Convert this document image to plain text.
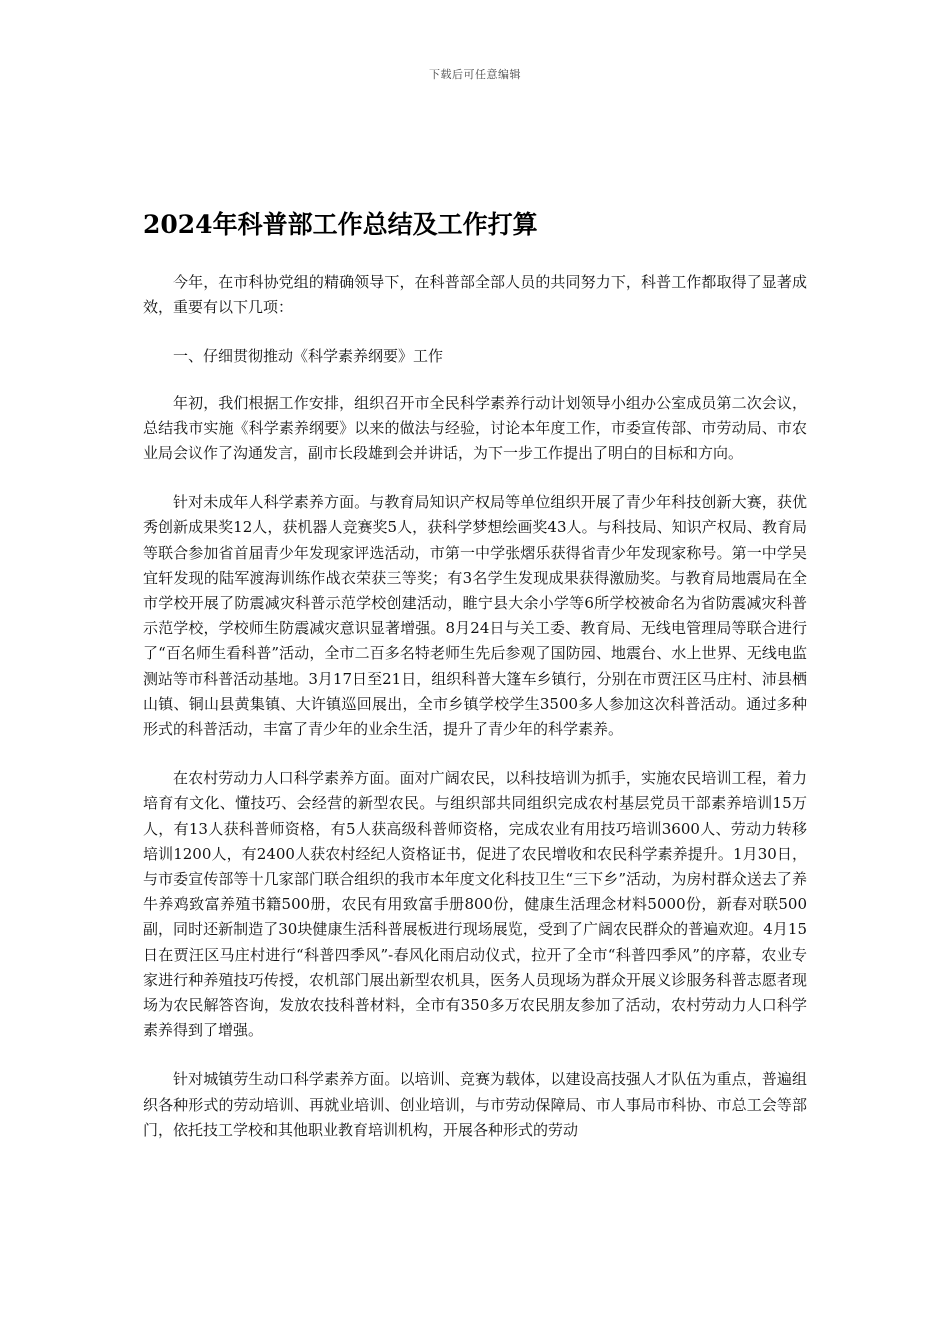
下载后可任意编辑
2024年科普部工作总结及工作打算

今年，在市科协党组的精确领导下，在科普部全部人员的共同努力下，科普工作都取得了显著成效，重要有以下几项：

一、仔细贯彻推动《科学素养纲要》工作

年初，我们根据工作安排，组织召开市全民科学素养行动计划领导小组办公室成员第二次会议，总结我市实施《科学素养纲要》以来的做法与经验，讨论本年度工作，市委宣传部、市劳动局、市农业局会议作了沟通发言，副市长段雄到会并讲话，为下一步工作提出了明白的目标和方向。

针对未成年人科学素养方面。与教育局知识产权局等单位组织开展了青少年科技创新大赛，获优秀创新成果奖12人，获机器人竞赛奖5人，获科学梦想绘画奖43人。与科技局、知识产权局、教育局等联合参加省首届青少年发现家评选活动，市第一中学张熠乐获得省青少年发现家称号。第一中学吴宜轩发现的陆军渡海训练作战衣荣获三等奖；有3名学生发现成果获得激励奖。与教育局地震局在全市学校开展了防震减灾科普示范学校创建活动，睢宁县大余小学等6所学校被命名为省防震减灾科普示范学校，学校师生防震减灾意识显著增强。8月24日与关工委、教育局、无线电管理局等联合进行了“百名师生看科普”活动，全市二百多名特老师生先后参观了国防园、地震台、水上世界、无线电监测站等市科普活动基地。3月17日至21日，组织科普大篷车乡镇行，分别在市贾汪区马庄村、沛县栖山镇、铜山县黄集镇、大许镇巡回展出，全市乡镇学校学生3500多人参加这次科普活动。通过多种形式的科普活动，丰富了青少年的业余生活，提升了青少年的科学素养。

在农村劳动力人口科学素养方面。面对广阔农民，以科技培训为抓手，实施农民培训工程，着力培育有文化、懂技巧、会经营的新型农民。与组织部共同组织完成农村基层党员干部素养培训15万人，有13人获科普师资格，有5人获高级科普师资格，完成农业有用技巧培训3600人、劳动力转移培训1200人，有2400人获农村经纪人资格证书，促进了农民增收和农民科学素养提升。1月30日，与市委宣传部等十几家部门联合组织的我市本年度文化科技卫生“三下乡”活动，为房村群众送去了养牛养鸡致富养殖书籍500册，农民有用致富手册800份，健康生活理念材料5000份，新春对联500副，同时还新制造了30块健康生活科普展板进行现场展览，受到了广阔农民群众的普遍欢迎。4月15日在贾汪区马庄村进行“科普四季风”-春风化雨启动仪式，拉开了全市“科普四季风”的序幕，农业专家进行种养殖技巧传授，农机部门展出新型农机具，医务人员现场为群众开展义诊服务科普志愿者现场为农民解答咨询，发放农技科普材料，全市有350多万农民朋友参加了活动，农村劳动力人口科学素养得到了增强。

针对城镇劳生动口科学素养方面。以培训、竞赛为载体，以建设高技强人才队伍为重点，普遍组织各种形式的劳动培训、再就业培训、创业培训，与市劳动保障局、市人事局市科协、市总工会等部门，依托技工学校和其他职业教育培训机构，开展各种形式的劳动
